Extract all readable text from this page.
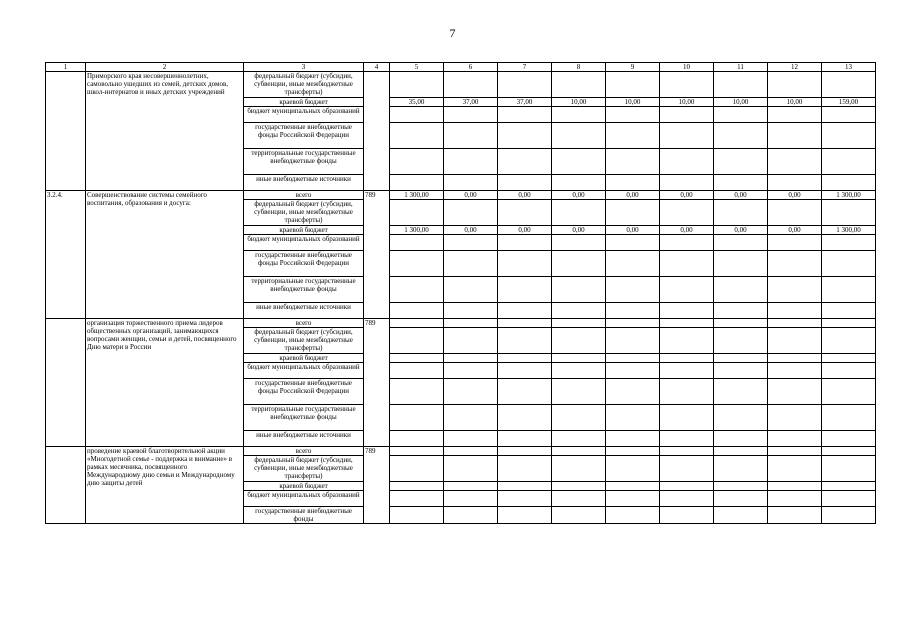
7
1	2	3	4	5	6	7	8	9	10	11	12	13
	Приморского края несовершеннолетних, самовольно ушедших из семей, детских домов, школ-интернатов и иных детских учреждений	федеральный бюджет (субсидии, субвенции, иные межбюджетные трансферты)										
		краевой бюджет		35,00	37,00	37,00	10,00	10,00	10,00	10,00	10,00	159,00
		бюджет муниципальных образований										
		государственные внебюджетные фонды Российской Федерации										
		территориальные государственные внебюджетные фонды										
		иные внебюджетные источники										
3.2.4.	Совершенствование системы семейного воспитания, образования и досуга:	всего	789	1 300,00	0,00	0,00	0,00	0,00	0,00	0,00	0,00	1 300,00
		федеральный бюджет (субсидии, субвенции, иные межбюджетные трансферты)										
		краевой бюджет		1 300,00	0,00	0,00	0,00	0,00	0,00	0,00	0,00	1 300,00
		бюджет муниципальных образований										
		государственные внебюджетные фонды Российской Федерации										
		территориальные государственные внебюджетные фонды										
		иные внебюджетные источники										
	организация торжественного приема лидеров общественных организаций, занимающихся вопросами женщин, семьи и детей, посвященного Дню матери в России	всего	789									
		федеральный бюджет (субсидии, субвенции, иные межбюджетные трансферты)										
		краевой бюджет										
		бюджет муниципальных образований										
		государственные внебюджетные фонды Российской Федерации										
		территориальные государственные внебюджетные фонды										
		иные внебюджетные источники										
	проведение краевой благотворительной акции «Многодетной семье - поддержка и внимание» в рамках месячника, посвященного Международному дню семьи и Международному дню защиты детей	всего	789									
		федеральный бюджет (субсидии, субвенции, иные межбюджетные трансферты)										
		краевой бюджет										
		бюджет муниципальных образований										
		государственные внебюджетные фонды										
